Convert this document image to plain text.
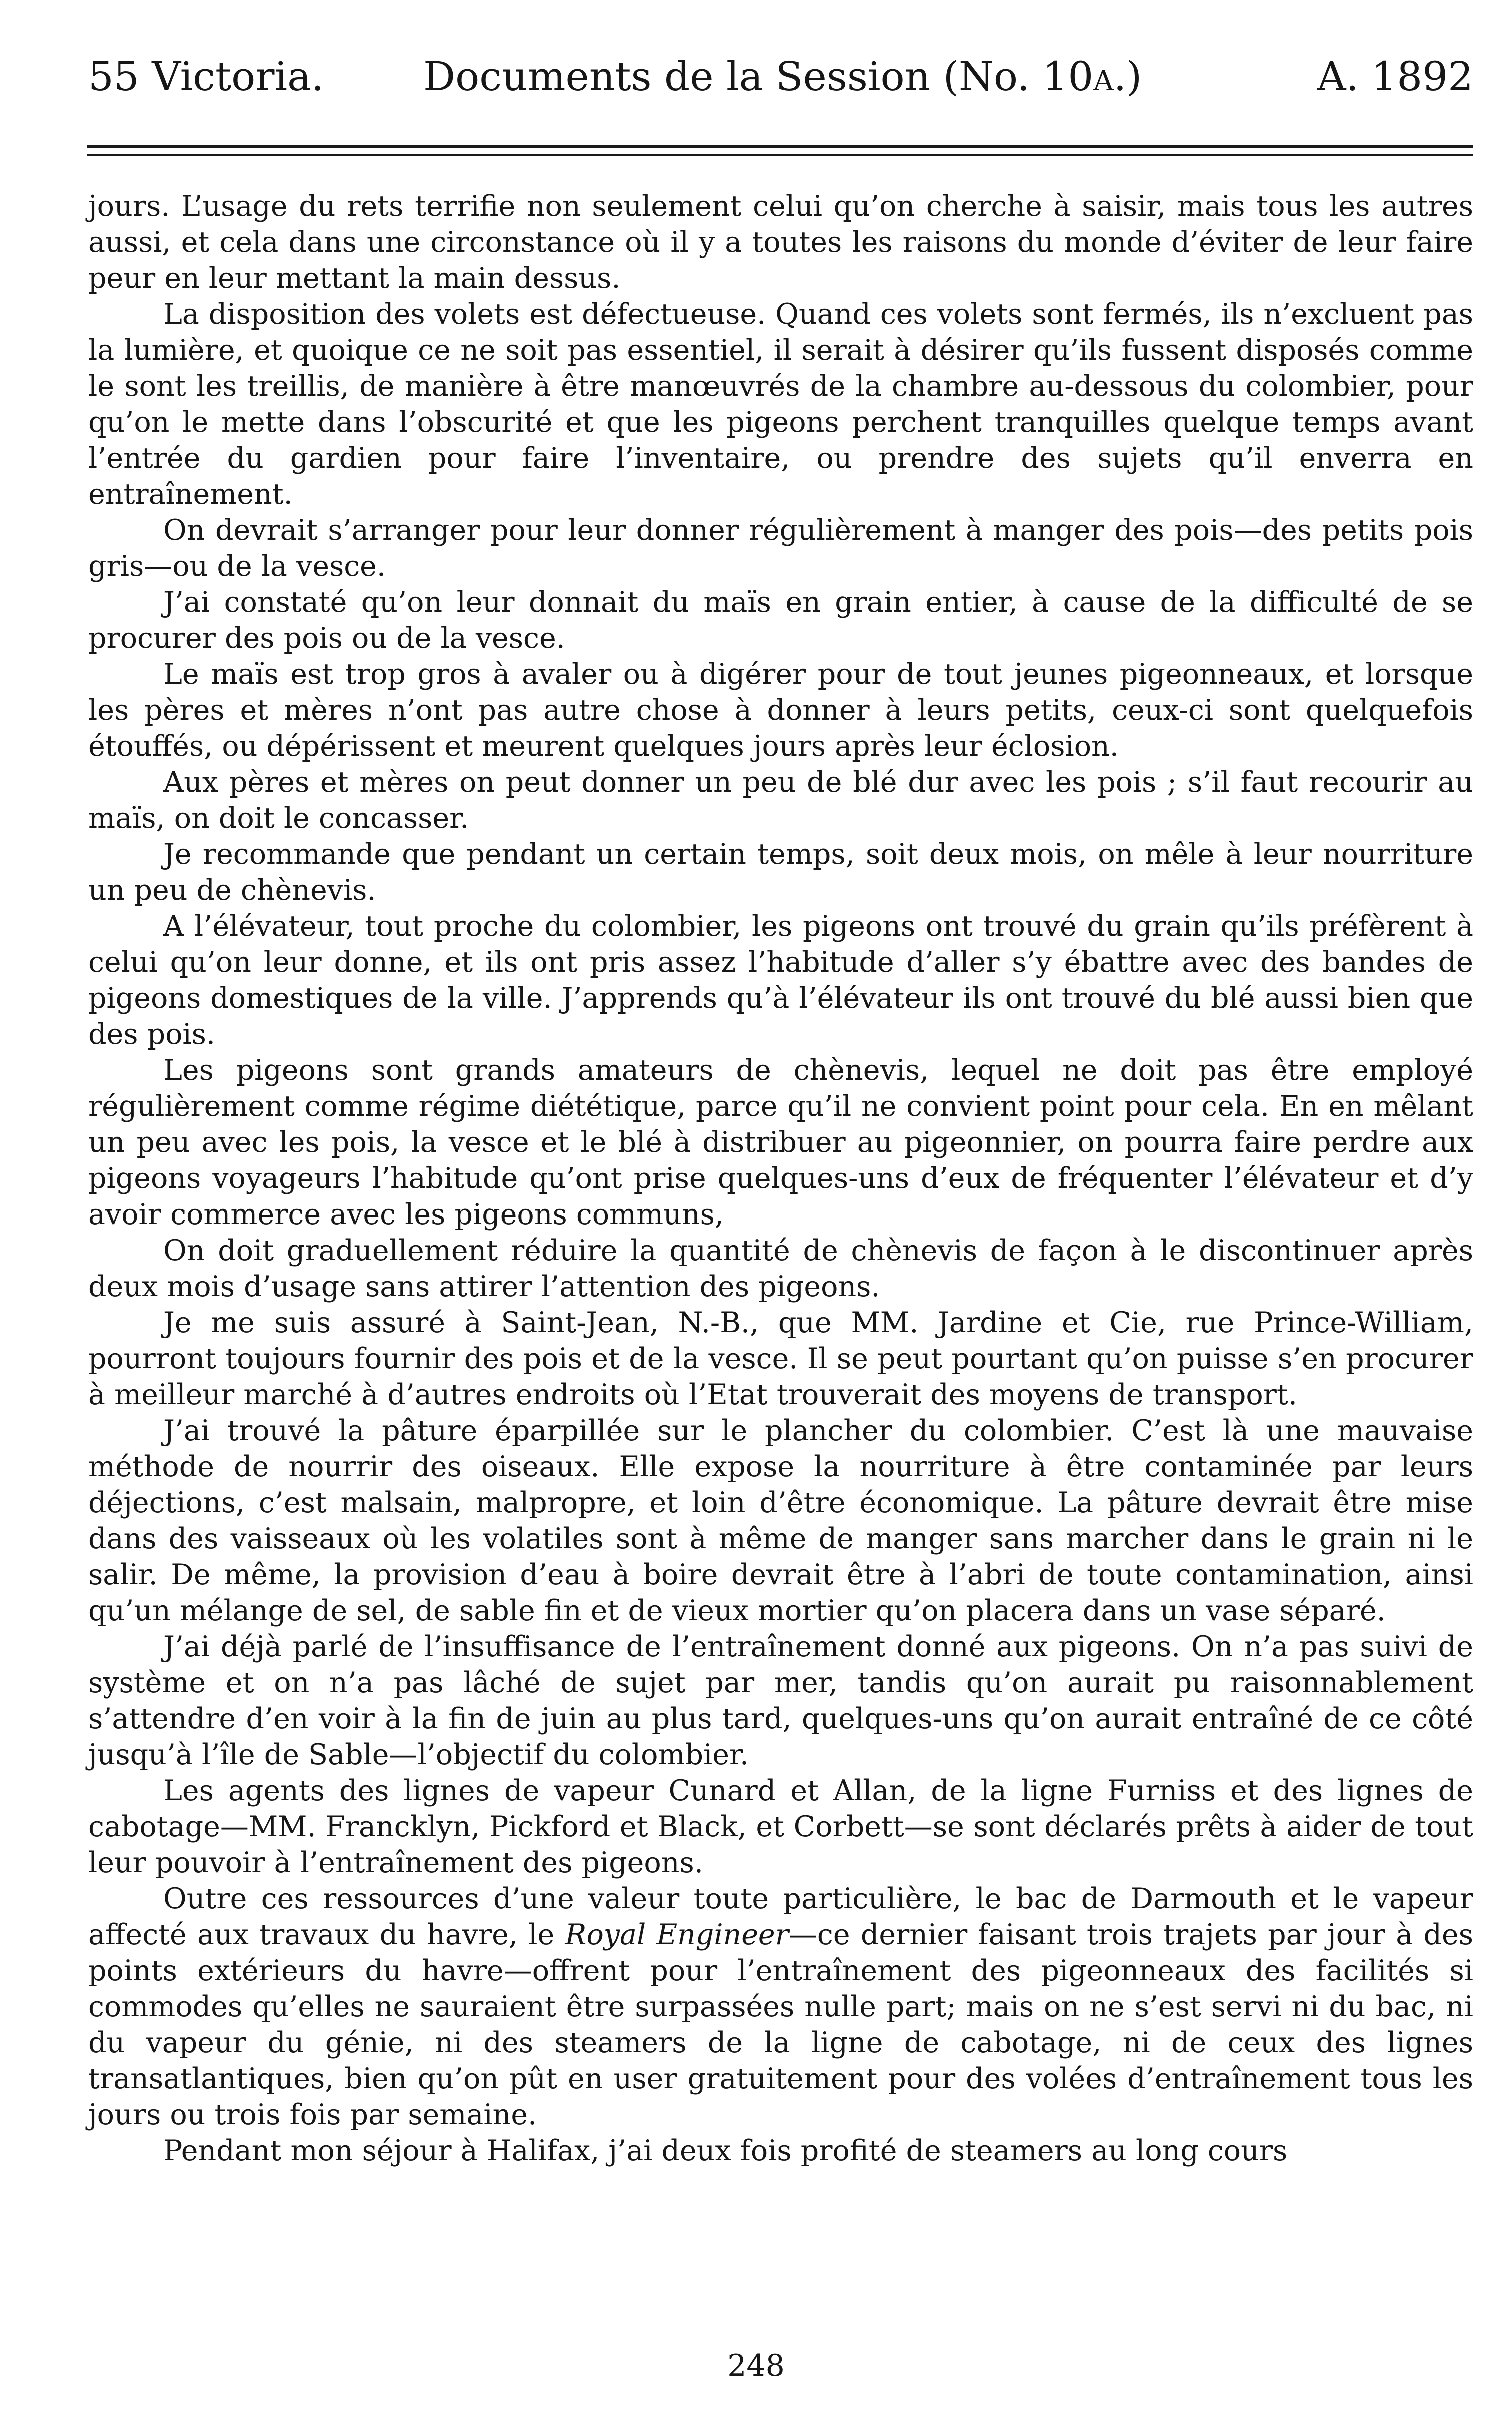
55 Victoria. Documents de la Session (No. 10a.)	A. 1892

jours. L’usage du rets terrifie non seulement celui qu’on cherche à saisir, mais tous les autres aussi, et cela dans une circonstance où il y a toutes les raisons du monde d’éviter de leur faire peur en leur mettant la main dessus.

La disposition des volets est défectueuse. Quand ces volets sont fermés, ils n’excluent pas la lumière, et quoique ce ne soit pas essentiel, il serait à désirer qu’ils fussent disposés comme le sont les treillis, de manière à être manœuvrés de la chambre au-dessous du colombier, pour qu’on le mette dans l’obscurité et que les pigeons perchent tranquilles quelque temps avant l’entrée du gardien pour faire l’inventaire, ou prendre des sujets qu’il enverra en entraînement.

On devrait s’arranger pour leur donner régulièrement à manger des pois—des petits pois gris—ou de la vesce.

J’ai constaté qu’on leur donnait du maïs en grain entier, à cause de la difficulté de se procurer des pois ou de la vesce.

Le maïs est trop gros à avaler ou à digérer pour de tout jeunes pigeonneaux, et lorsque les pères et mères n’ont pas autre chose à donner à leurs petits, ceux-ci sont quelquefois étouffés, ou dépérissent et meurent quelques jours après leur éclosion.

Aux pères et mères on peut donner un peu de blé dur avec les pois ; s’il faut recourir au maïs, on doit le concasser.

Je recommande que pendant un certain temps, soit deux mois, on mêle à leur nourriture un peu de chènevis.

A l’élévateur, tout proche du colombier, les pigeons ont trouvé du grain qu’ils préfèrent à celui qu’on leur donne, et ils ont pris assez l’habitude d’aller s’y ébattre avec des bandes de pigeons domestiques de la ville. J’apprends qu’à l’élévateur ils ont trouvé du blé aussi bien que des pois.

Les pigeons sont grands amateurs de chènevis, lequel ne doit pas être employé régulièrement comme régime diététique, parce qu’il ne convient point pour cela. En en mêlant un peu avec les pois, la vesce et le blé à distribuer au pigeonnier, on pourra faire perdre aux pigeons voyageurs l’habitude qu’ont prise quelques-uns d’eux de fréquenter l’élévateur et d’y avoir commerce avec les pigeons communs,

On doit graduellement réduire la quantité de chènevis de façon à le discontinuer après deux mois d’usage sans attirer l’attention des pigeons.

Je me suis assuré à Saint-Jean, N.-B., que MM. Jardine et Cie, rue Prince-William, pourront toujours fournir des pois et de la vesce. Il se peut pourtant qu’on puisse s’en procurer à meilleur marché à d’autres endroits où l’Etat trouverait des moyens de transport.

J’ai trouvé la pâture éparpillée sur le plancher du colombier. C’est là une mauvaise méthode de nourrir des oiseaux. Elle expose la nourriture à être contaminée par leurs déjections, c’est malsain, malpropre, et loin d’être économique. La pâture devrait être mise dans des vaisseaux où les volatiles sont à même de manger sans marcher dans le grain ni le salir. De même, la provision d’eau à boire devrait être à l’abri de toute contamination, ainsi qu’un mélange de sel, de sable fin et de vieux mortier qu’on placera dans un vase séparé.

J’ai déjà parlé de l’insuffisance de l’entraînement donné aux pigeons. On n’a pas suivi de système et on n’a pas lâché de sujet par mer, tandis qu’on aurait pu raisonnablement s’attendre d’en voir à la fin de juin au plus tard, quelques-uns qu’on aurait entraîné de ce côté jusqu’à l’île de Sable—l’objectif du colombier.

Les agents des lignes de vapeur Cunard et Allan, de la ligne Furniss et des lignes de cabotage—MM. Francklyn, Pickford et Black, et Corbett—se sont déclarés prêts à aider de tout leur pouvoir à l’entraînement des pigeons.

Outre ces ressources d’une valeur toute particulière, le bac de Darmouth et le vapeur affecté aux travaux du havre, le Royal Engineer—ce dernier faisant trois trajets par jour à des points extérieurs du havre—offrent pour l’entraînement des pigeonneaux des facilités si commodes qu’elles ne sauraient être surpassées nulle part; mais on ne s’est servi ni du bac, ni du vapeur du génie, ni des steamers de la ligne de cabotage, ni de ceux des lignes transatlantiques, bien qu’on pût en user gratuitement pour des volées d’entraînement tous les jours ou trois fois par semaine.

Pendant mon séjour à Halifax, j’ai deux fois profité de steamers au long cours

248
